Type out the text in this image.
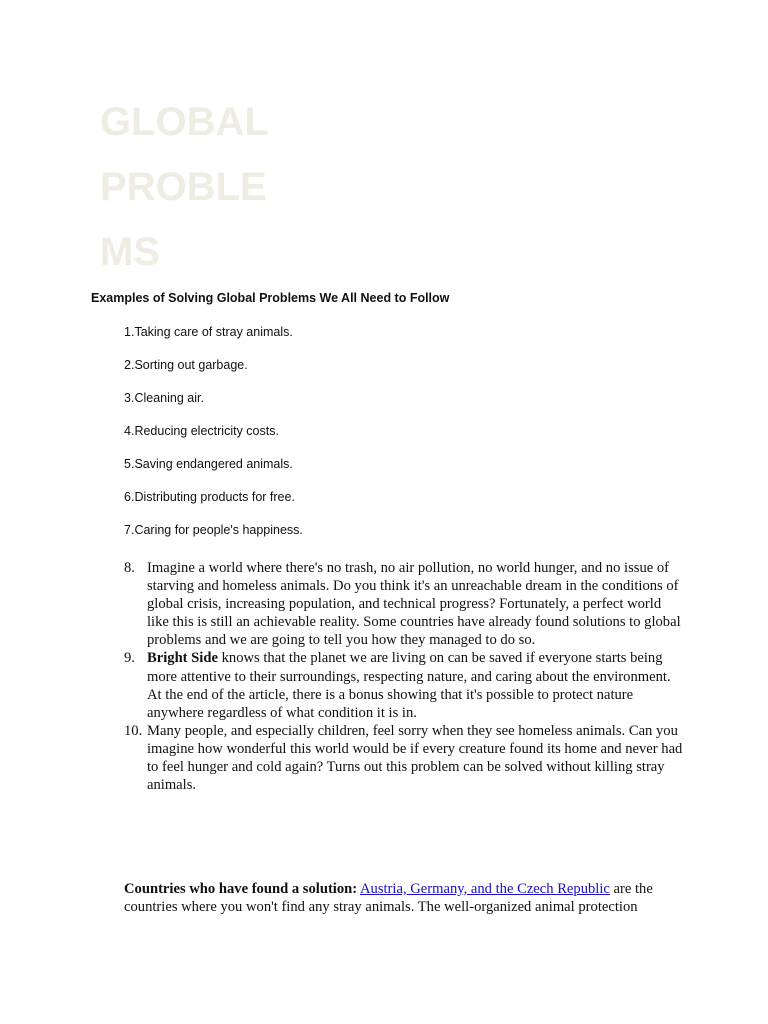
GLOBAL
PROBLE
MS

Examples of Solving Global Problems We All Need to Follow

1.Taking care of stray animals.
2.Sorting out garbage.
3.Cleaning air.
4.Reducing electricity costs.
5.Saving endangered animals.
6.Distributing products for free.
7.Caring for people's happiness.
8. Imagine a world where there's no trash, no air pollution, no world hunger, and no issue of starving and homeless animals. Do you think it's an unreachable dream in the conditions of global crisis, increasing population, and technical progress? Fortunately, a perfect world like this is still an achievable reality. Some countries have already found solutions to global problems and we are going to tell you how they managed to do so.
9. Bright Side knows that the planet we are living on can be saved if everyone starts being more attentive to their surroundings, respecting nature, and caring about the environment. At the end of the article, there is a bonus showing that it's possible to protect nature anywhere regardless of what condition it is in.
10. Many people, and especially children, feel sorry when they see homeless animals. Can you imagine how wonderful this world would be if every creature found its home and never had to feel hunger and cold again? Turns out this problem can be solved without killing stray animals.

Countries who have found a solution: Austria, Germany, and the Czech Republic are the countries where you won't find any stray animals. The well-organized animal protection
